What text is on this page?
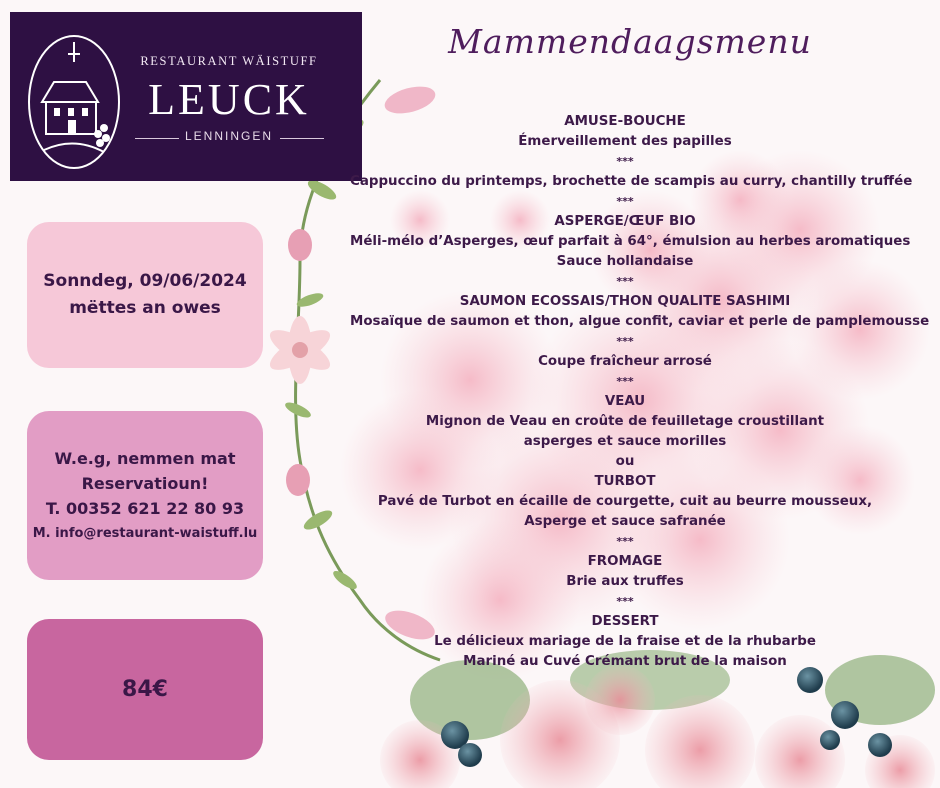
RESTAURANT WÄISTUFF
LEUCK
LENNINGEN
Sonndeg, 09/06/2024
mëttes an owes
W.e.g, nemmen mat
Reservatioun!
T. 00352 621 22 80 93
M. info@restaurant-waistuff.lu
84€
Mammendaagsmenu
AMUSE-BOUCHE
Émerveillement des papilles
***
Cappuccino du printemps, brochette de scampis au curry, chantilly truffée
***
ASPERGE/ŒUF BIO
Méli-mélo d’Asperges, œuf parfait à 64°, émulsion au herbes aromatiques
Sauce hollandaise
***
SAUMON ECOSSAIS/THON QUALITE SASHIMI
Mosaïque de saumon et thon, algue confit, caviar et perle de pamplemousse
***
Coupe fraîcheur arrosé
***
VEAU
Mignon de Veau en croûte de feuilletage croustillant
asperges et sauce morilles
ou
TURBOT
Pavé de Turbot en écaille de courgette, cuit au beurre mousseux,
Asperge et sauce safranée
***
FROMAGE
Brie aux truffes
***
DESSERT
Le délicieux mariage de la fraise et de la rhubarbe
Mariné au Cuvé Crémant brut de la maison
